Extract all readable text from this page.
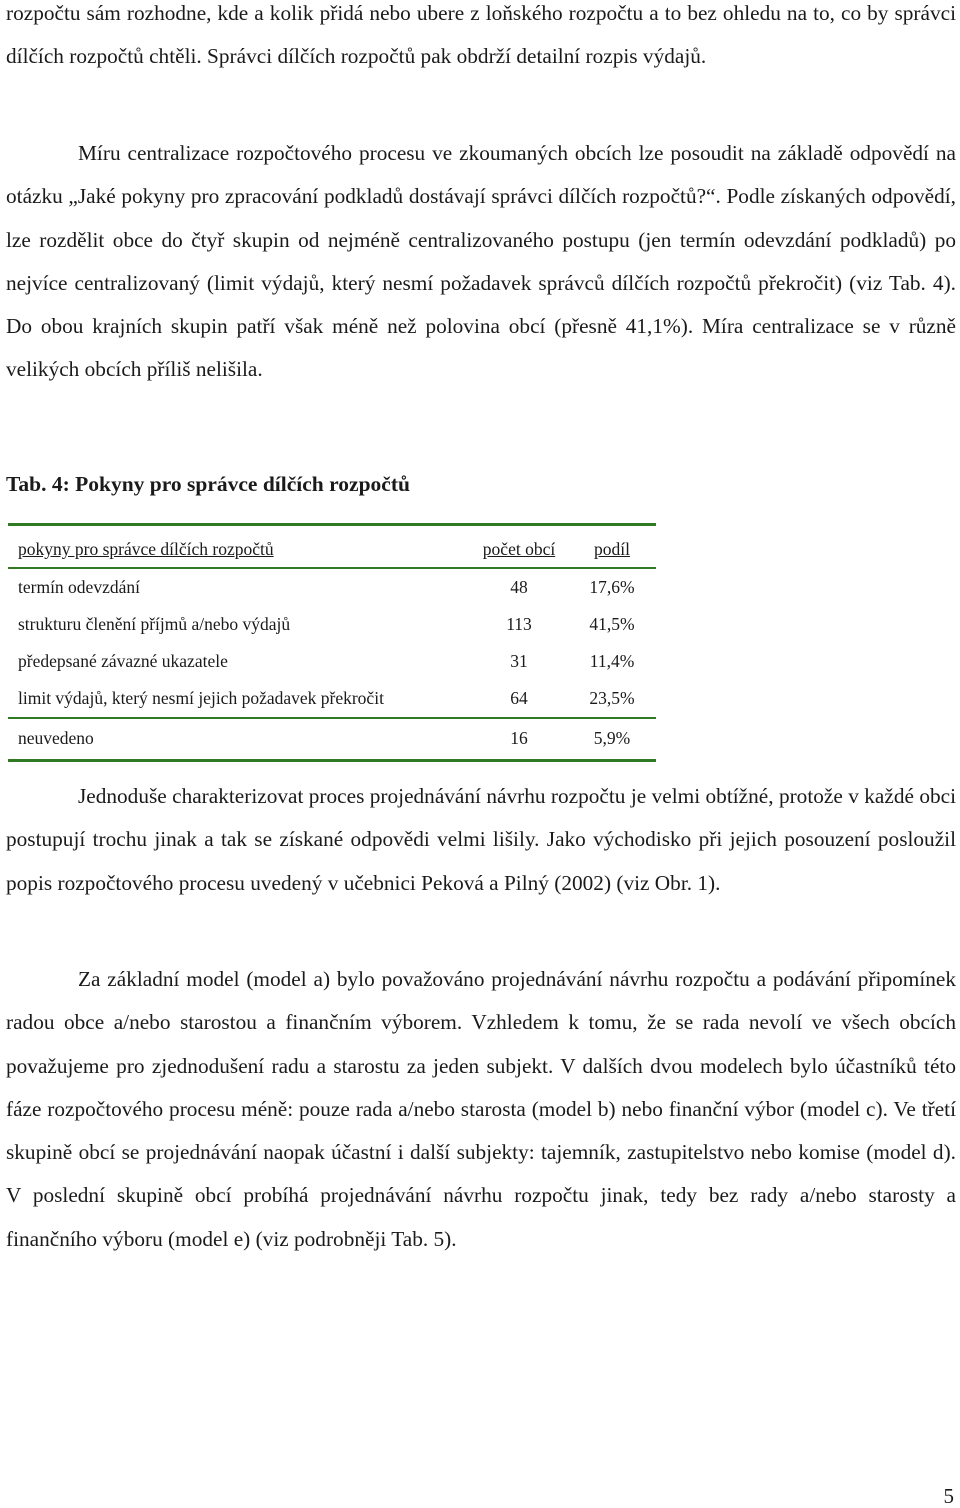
rozpočtu sám rozhodne, kde a kolik přidá nebo ubere z loňského rozpočtu a to bez ohledu na to, co by správci dílčích rozpočtů chtěli. Správci dílčích rozpočtů pak obdrží detailní rozpis výdajů.

Míru centralizace rozpočtového procesu ve zkoumaných obcích lze posoudit na základě odpovědí na otázku „Jaké pokyny pro zpracování podkladů dostávají správci dílčích rozpočtů?“. Podle získaných odpovědí, lze rozdělit obce do čtyř skupin od nejméně centralizovaného postupu (jen termín odevzdání podkladů) po nejvíce centralizovaný (limit výdajů, který nesmí požadavek správců dílčích rozpočtů překročit) (viz Tab. 4). Do obou krajních skupin patří však méně než polovina obcí (přesně 41,1%). Míra centralizace se v různě velikých obcích příliš nelišila.

Tab. 4: Pokyny pro správce dílčích rozpočtů

pokyny pro správce dílčích rozpočtů	počet obcí	podíl
termín odevzdání	48	17,6%
strukturu členění příjmů a/nebo výdajů	113	41,5%
předepsané závazné ukazatele	31	11,4%
limit výdajů, který nesmí jejich požadavek překročit	64	23,5%
neuvedeno	16	5,9%

Jednoduše charakterizovat proces projednávání návrhu rozpočtu je velmi obtížné, protože v každé obci postupují trochu jinak a tak se získané odpovědi velmi lišily. Jako východisko při jejich posouzení posloužil popis rozpočtového procesu uvedený v učebnici Peková a Pilný (2002) (viz Obr. 1).

Za základní model (model a) bylo považováno projednávání návrhu rozpočtu a podávání připomínek radou obce a/nebo starostou a finančním výborem. Vzhledem k tomu, že se rada nevolí ve všech obcích považujeme pro zjednodušení radu a starostu za jeden subjekt. V dalších dvou modelech bylo účastníků této fáze rozpočtového procesu méně: pouze rada a/nebo starosta (model b) nebo finanční výbor (model c). Ve třetí skupině obcí se projednávání naopak účastní i další subjekty: tajemník, zastupitelstvo nebo komise (model d). V poslední skupině obcí probíhá projednávání návrhu rozpočtu jinak, tedy bez rady a/nebo starosty a finančního výboru (model e) (viz podrobněji Tab. 5).

5
